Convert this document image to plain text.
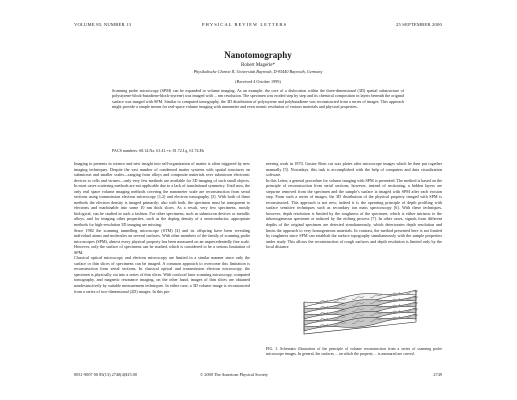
VOLUME 85, NUMBER 13	PHYSICAL REVIEW LETTERS	25 SEPTEMBER 2000
Nanotomography
Robert Magerle*
Physikalische Chemie II, Universität Bayreuth, D-95440 Bayreuth, Germany
(Received 4 October 1999)
Scanning probe microscopy (SPM) can be expanded to volume imaging. As an example, the core of a dislocation within the three-dimensional (3D) spatial substructure of polystyrene-block-butadiene-block-styrene) was imaged with ... nm resolution. The specimen was eroded step by step and its chemical composition in layers beneath the original surface was imaged with SPM. Similar to computed tomography, the 3D distribution of polystyrene and polybutadiene was reconstructed from a series of images. This approach might provide a simple means for real-space volume imaging with nanometer and even atomic resolution of various materials and physical properties.
PACS numbers: 68.14.Nz, 61.41.+e, 81.72.I.q, 61.74.Eh
Imaging to presents in science and new insight into self-organization of matter is often triggered by new imaging techniques. Despite the vast number of condensed matter systems with spatial structures on submicron and smaller scales—ranging from alloys and composite materials over submicron electronic devices to cells and viruses—only very few methods are available for 3D imaging of such small objects. In most cases scattering methods are not applicable due to a lack of translational symmetry. Until now, the only real space volume imaging methods covering the nanometer scale are reconstruction from serial sections using transmission electron microscopy [1,2] and electron tomography [3]. With both of these methods the electron density is imaged primarily; also with both, the specimen must be transparent to electrons and machinable into some 10 nm thick slices. As a result, very few specimens, mostly biological, can be studied in such a fashion. For other specimens, such as submicron devices or metallic alloys, and for imaging other properties, such as the doping density of a semiconductor, appropriate methods for high-resolution 3D imaging are missing.
Since 1982 the scanning tunnelling microscope (STM) [4] and its offspring have been revealing individual atoms and molecules on several surfaces. With other members of the family of scanning probe microscopes (SPM), almost every physical property has been measured on an unprecedentedly fine scale. However, only the surface of specimens can be studied, which is considered to be a serious limitation of SPM.
Classical optical microscopy and electron microscopy are limited in a similar manner since only the surface or thin slices of specimens can be imaged. A common approach to overcome this limitation is reconstruction from serial sections. In classical optical and transmission electron microscopy, the specimen is physically cut into a series of thin slices. With confocal laser scanning microscopy, computed tomography, and magnetic resonance imaging, on the other hand, images of thin slices are obtained nondestructively by suitable measurement techniques. In either case, a 3D volume image is reconstructed from a series of two-dimensional (2D) images. In this pio-
neering work in 1870, Gustav Born cut wax plates after microscope images which he then put together manually [5]. Nowadays, this task is accomplished with the help of computers and data visualization software.
In this Letter, a general procedure for volume imaging with SPM is presented. The method is based on the principle of reconstruction from serial sections; however, instead of sectioning, a hidden layers are stepwise removed from the specimen and the sample's surface is imaged with SPM after each erosion step. From such a series of images, the 3D distribution of the physical property imaged with SPM is reconstructed. This approach is not new; indeed it is the operating principle of depth profiling with surface sensitive techniques such as secondary ion mass spectroscopy [6]. With these techniques, however, depth resolution is limited by the roughness of the specimen, which is either intrinsic to the inhomogeneous specimen or induced by the etching process [7]. In other cases, signals from different depths of the original specimen are detected simultaneously, which deteriorates depth resolution and limits the approach to very homogeneous materials. In contrast, the method presented here is not limited by roughness since SPM can establish the surface topography simultaneously with the sample properties under study. This allows the reconstruction of rough surfaces and depth resolution is limited only by the local distance
FIG. 1. Schematic illustration of the principle of volume reconstruction from a series of scanning probe microscope images. In general, the surfaces ... on which the property ... is measured are curved.
0031-9007 00 85(13) 2740(4)$15.00	© 2000 The American Physical Society	2749
